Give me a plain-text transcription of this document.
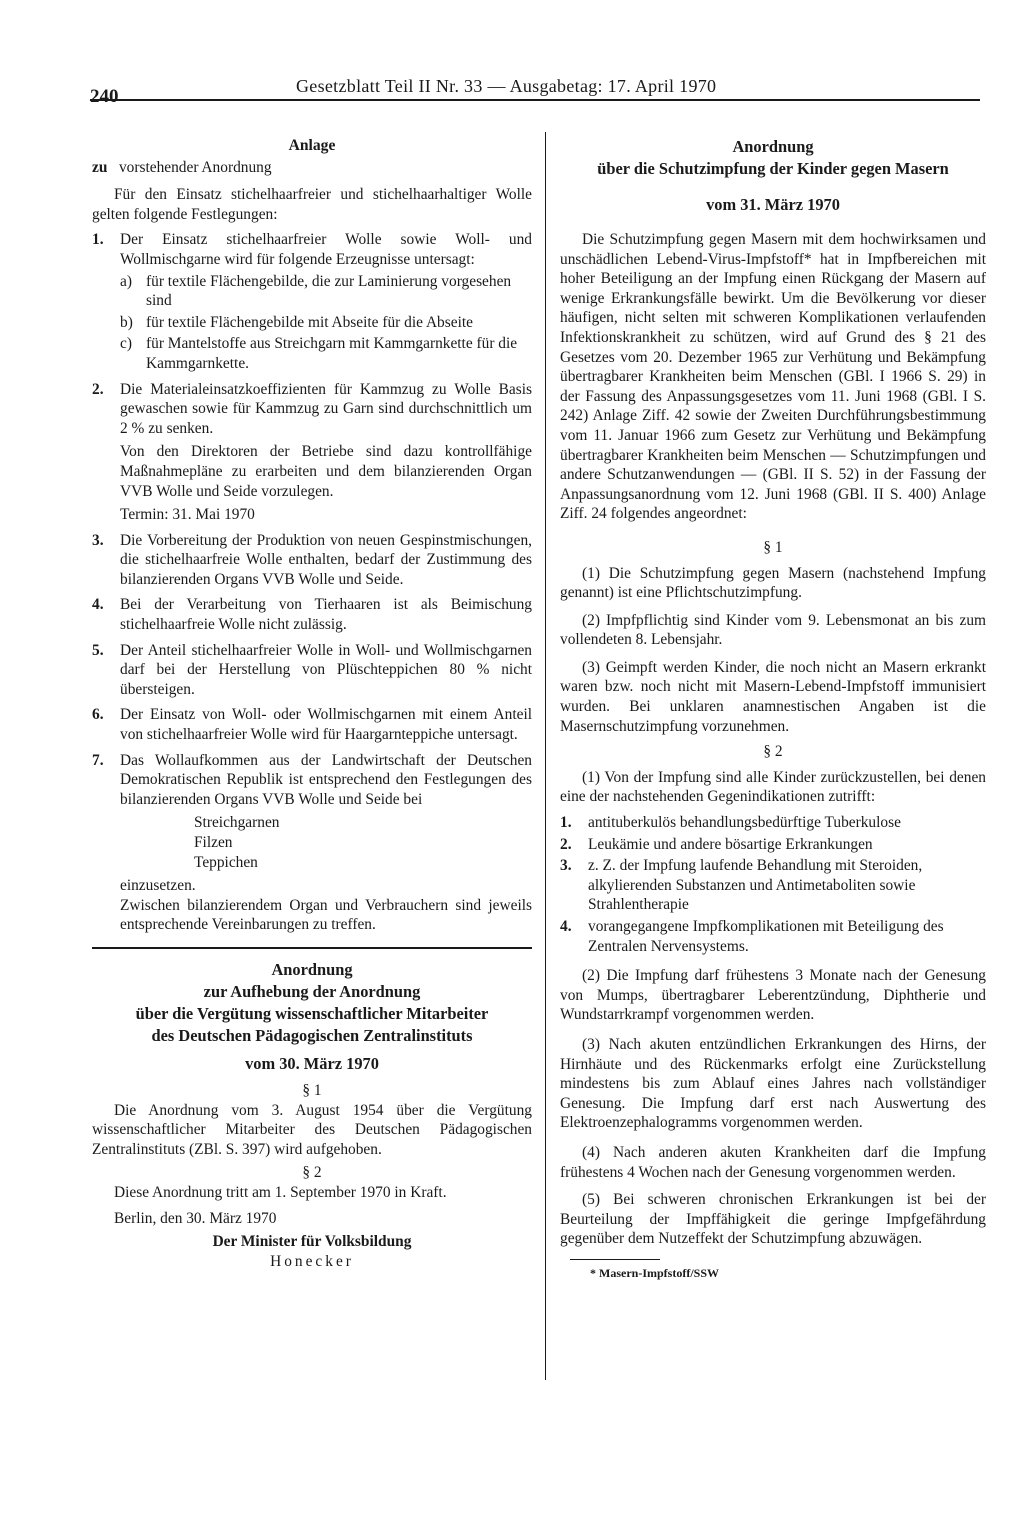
240	Gesetzblatt Teil II Nr. 33 — Ausgabetag: 17. April 1970
Anlage

zu vorstehender Anordnung

Für den Einsatz stichelhaarfreier und stichelhaarhaltiger Wolle gelten folgende Festlegungen:

1.	Der Einsatz stichelhaarfreier Wolle sowie Woll- und Wollmischgarne wird für folgende Erzeugnisse untersagt:

a) für textile Flächengebilde, die zur Laminierung vorgesehen sind
b) für textile Flächengebilde mit Abseite für die Abseite
c) für Mantelstoffe aus Streichgarn mit Kammgarnkette für die Kammgarnkette.
2.	Die Materialeinsatzkoeffizienten für Kammzug zu Wolle Basis gewaschen sowie für Kammzug zu Garn sind durchschnittlich um 2 % zu senken.

Von den Direktoren der Betriebe sind dazu kontrollfähige Maßnahmepläne zu erarbeiten und dem bilanzierenden Organ VVB Wolle und Seide vorzulegen.

Termin: 31. Mai 1970

3.	Die Vorbereitung der Produktion von neuen Gespinstmischungen, die stichelhaarfreie Wolle enthalten, bedarf der Zustimmung des bilanzierenden Organs VVB Wolle und Seide.

4.	Bei der Verarbeitung von Tierhaaren ist als Beimischung stichelhaarfreie Wolle nicht zulässig.

5.	Der Anteil stichelhaarfreier Wolle in Woll- und Wollmischgarnen darf bei der Herstellung von Plüschteppichen 80 % nicht übersteigen.

6.	Der Einsatz von Woll- oder Wollmischgarnen mit einem Anteil von stichelhaarfreier Wolle wird für Haargarnteppiche untersagt.

7.	Das Wollaufkommen aus der Landwirtschaft der Deutschen Demokratischen Republik ist entsprechend den Festlegungen des bilanzierenden Organs VVB Wolle und Seide bei

Streichgarnen
Filzen
Teppichen

einzusetzen.

Zwischen bilanzierendem Organ und Verbrauchern sind jeweils entsprechende Vereinbarungen zu treffen.

Anordnung
zur Aufhebung der Anordnung
über die Vergütung wissenschaftlicher Mitarbeiter
des Deutschen Pädagogischen Zentralinstituts
vom 30. März 1970
§ 1

Die Anordnung vom 3. August 1954 über die Vergütung wissenschaftlicher Mitarbeiter des Deutschen Pädagogischen Zentralinstituts (ZBl. S. 397) wird aufgehoben.

§ 2

Diese Anordnung tritt am 1. September 1970 in Kraft.

Berlin, den 30. März 1970

Der Minister für Volksbildung
Honecker
Anordnung
über die Schutzimpfung der Kinder gegen Masern
vom 31. März 1970

Die Schutzimpfung gegen Masern mit dem hochwirksamen und unschädlichen Lebend-Virus-Impfstoff* hat in Impfbereichen mit hoher Beteiligung an der Impfung einen Rückgang der Masern auf wenige Erkrankungsfälle bewirkt. Um die Bevölkerung vor dieser häufigen, nicht selten mit schweren Komplikationen verlaufenden Infektionskrankheit zu schützen, wird auf Grund des § 21 des Gesetzes vom 20. Dezember 1965 zur Verhütung und Bekämpfung übertragbarer Krankheiten beim Menschen (GBl. I 1966 S. 29) in der Fassung des Anpassungsgesetzes vom 11. Juni 1968 (GBl. I S. 242) Anlage Ziff. 42 sowie der Zweiten Durchführungsbestimmung vom 11. Januar 1966 zum Gesetz zur Verhütung und Bekämpfung übertragbarer Krankheiten beim Menschen — Schutzimpfungen und andere Schutzanwendungen — (GBl. II S. 52) in der Fassung der Anpassungsanordnung vom 12. Juni 1968 (GBl. II S. 400) Anlage Ziff. 24 folgendes angeordnet:

§ 1

(1) Die Schutzimpfung gegen Masern (nachstehend Impfung genannt) ist eine Pflichtschutzimpfung.

(2) Impfpflichtig sind Kinder vom 9. Lebensmonat an bis zum vollendeten 8. Lebensjahr.

(3) Geimpft werden Kinder, die noch nicht an Masern erkrankt waren bzw. noch nicht mit Masern-Lebend-Impfstoff immunisiert wurden. Bei unklaren anamnestischen Angaben ist die Masernschutzimpfung vorzunehmen.

§ 2

(1) Von der Impfung sind alle Kinder zurückzustellen, bei denen eine der nachstehenden Gegenindikationen zutrifft:

1.	antituberkulös behandlungsbedürftige Tuberkulose
2.	Leukämie und andere bösartige Erkrankungen
3.	z. Z. der Impfung laufende Behandlung mit Steroiden, alkylierenden Substanzen und Antimetaboliten sowie Strahlentherapie
4.	vorangegangene Impfkomplikationen mit Beteiligung des Zentralen Nervensystems.

(2) Die Impfung darf frühestens 3 Monate nach der Genesung von Mumps, übertragbarer Leberentzündung, Diphtherie und Wundstarrkrampf vorgenommen werden.

(3) Nach akuten entzündlichen Erkrankungen des Hirns, der Hirnhäute und des Rückenmarks erfolgt eine Zurückstellung mindestens bis zum Ablauf eines Jahres nach vollständiger Genesung. Die Impfung darf erst nach Auswertung des Elektroenzephalogramms vorgenommen werden.

(4) Nach anderen akuten Krankheiten darf die Impfung frühestens 4 Wochen nach der Genesung vorgenommen werden.

(5) Bei schweren chronischen Erkrankungen ist bei der Beurteilung der Impffähigkeit die geringe Impfgefährdung gegenüber dem Nutzeffekt der Schutzimpfung abzuwägen.

* Masern-Impfstoff/SSW
